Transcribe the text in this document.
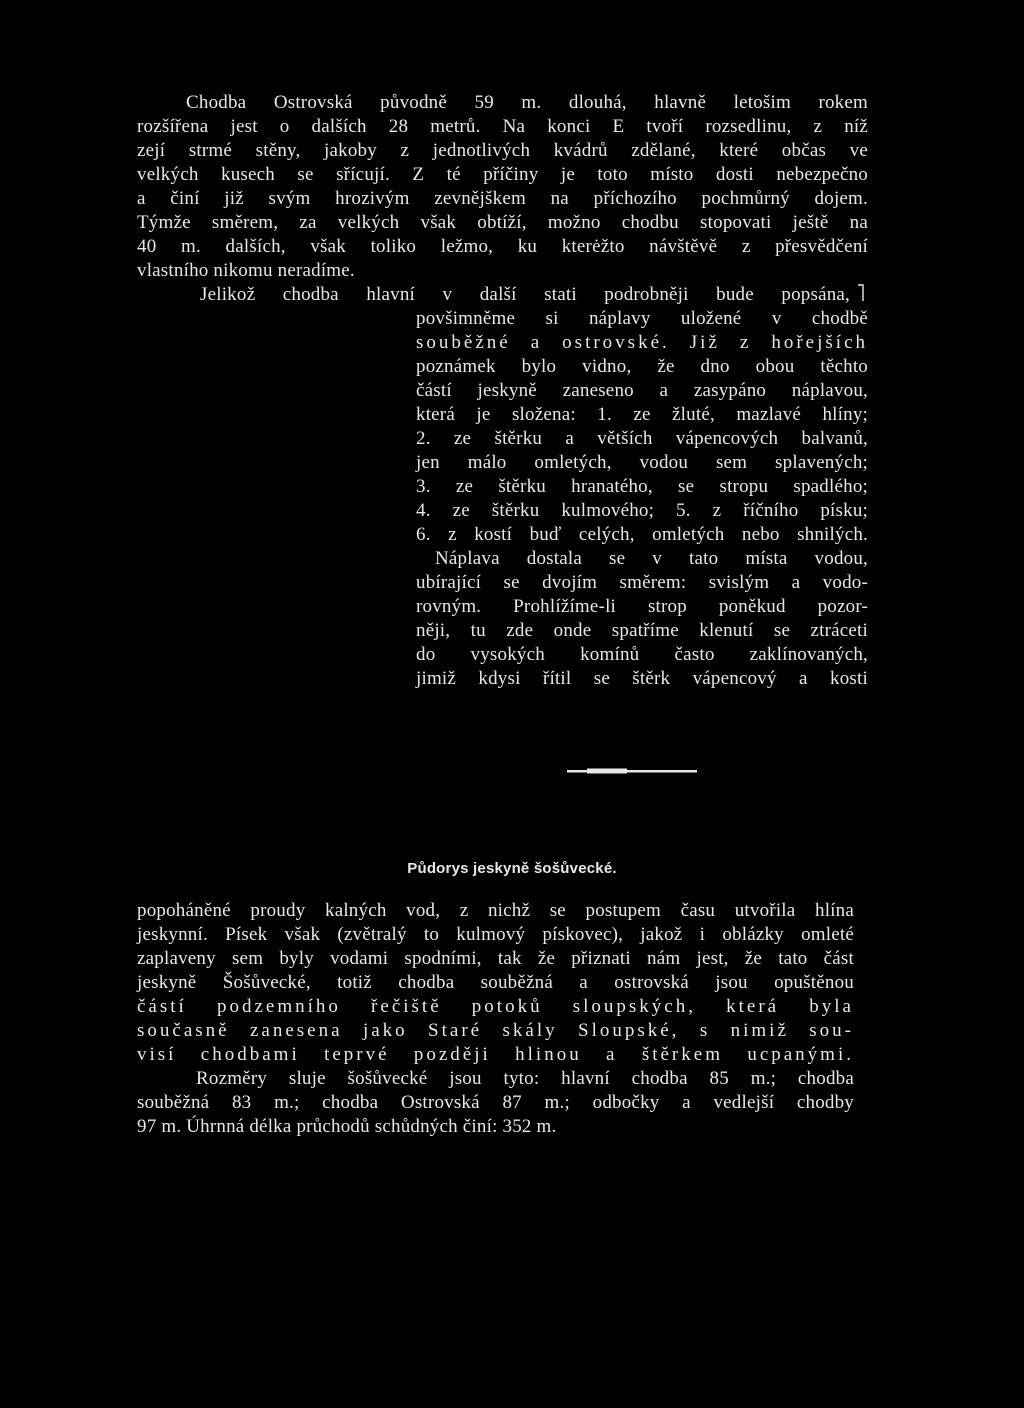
Chodba Ostrovská původně 59 m. dlouhá, hlavně letošim rokem
rozšířena jest o dalších 28 metrů. Na konci E tvoří rozsedlinu, z níž
zejí strmé stěny, jakoby z jednotlivých kvádrů zdělané, které občas ve
velkých kusech se sřícují. Z té příčiny je toto místo dosti nebezpečno
a činí již svým hrozivým zevnějškem na příchozího pochmůrný dojem.
Týmže směrem, za velkých však obtíží, možno chodbu stopovati ještě na
40 m. dalších, však toliko ležmo, ku kterėžto návštěvě z přesvědčení
vlastního nikomu neradíme.
Jelikož chodba hlavní v další stati podrobněji bude popsána,
povšimněme si náplavy uložené v chodbě
souběžné a ostrovské. Již z hořejších
poznámek bylo vidno, že dno obou těchto
částí jeskyně zaneseno a zasypáno náplavou,
která je složena: 1. ze žluté, mazlavé hlíny;
2. ze štěrku a větších vápencových balvanů,
jen málo omletých, vodou sem splavených;
3. ze štěrku hranatého, se stropu spadlého;
4. ze štěrku kulmového; 5. z říčního písku;
6. z kostí buď celých, omletých nebo shnilých.
Náplava dostala se v tato místa vodou,
ubírající se dvojím směrem: svislým a vodo-
rovným. Prohlížíme-li strop poněkud pozor-
něji, tu zde onde spatříme klenutí se ztráceti
do vysokých komínů často zaklínovaných,
jimiž kdysi řítil se štěrk vápencový a kosti
Půdorys jeskyně šošůvecké.
popoháněné proudy kalných vod, z nichž se postupem času utvořila hlína
jeskynní. Písek však (zvětralý to kulmový pískovec), jakož i oblázky omleté
zaplaveny sem byly vodami spodními, tak že přiznati nám jest, že tato část
jeskyně Šošůvecké, totiž chodba souběžná a ostrovská jsou opuštěnou
částí podzemního řečiště potoků sloupských, která byla
současně zanesena jako Staré skály Sloupské, s nimiž sou-
visí chodbami teprvé později hlinou a štěrkem ucpanými.
Rozměry sluje šošůvecké jsou tyto: hlavní chodba 85 m.; chodba
souběžná 83 m.; chodba Ostrovská 87 m.; odbočky a vedlejší chodby
97 m. Úhrnná délka průchodů schůdných činí: 352 m.
